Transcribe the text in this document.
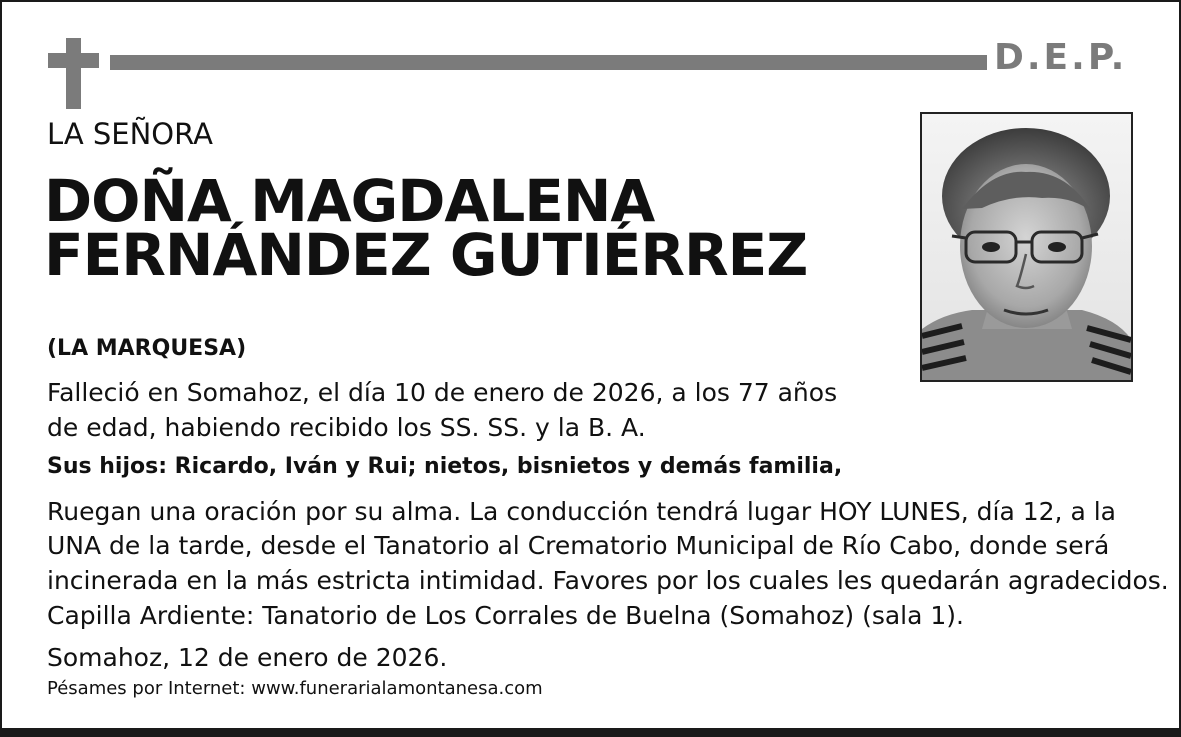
D.E.P.
LA SEÑORA
DOÑA MAGDALENA
FERNÁNDEZ GUTIÉRREZ
(LA MARQUESA)
Falleció en Somahoz, el día 10 de enero de 2026, a los 77 años
de edad, habiendo recibido los SS. SS. y la B. A.
Sus hijos: Ricardo, Iván y Rui; nietos, bisnietos y demás familia,
Ruegan una oración por su alma. La conducción tendrá lugar HOY LUNES, día 12, a la
UNA de la tarde, desde el Tanatorio al Crematorio Municipal de Río Cabo, donde será
incinerada en la más estricta intimidad. Favores por los cuales les quedarán agradecidos.
Capilla Ardiente: Tanatorio de Los Corrales de Buelna (Somahoz) (sala 1).
Somahoz, 12 de enero de 2026.
Pésames por Internet: www.funerarialamontanesa.com
